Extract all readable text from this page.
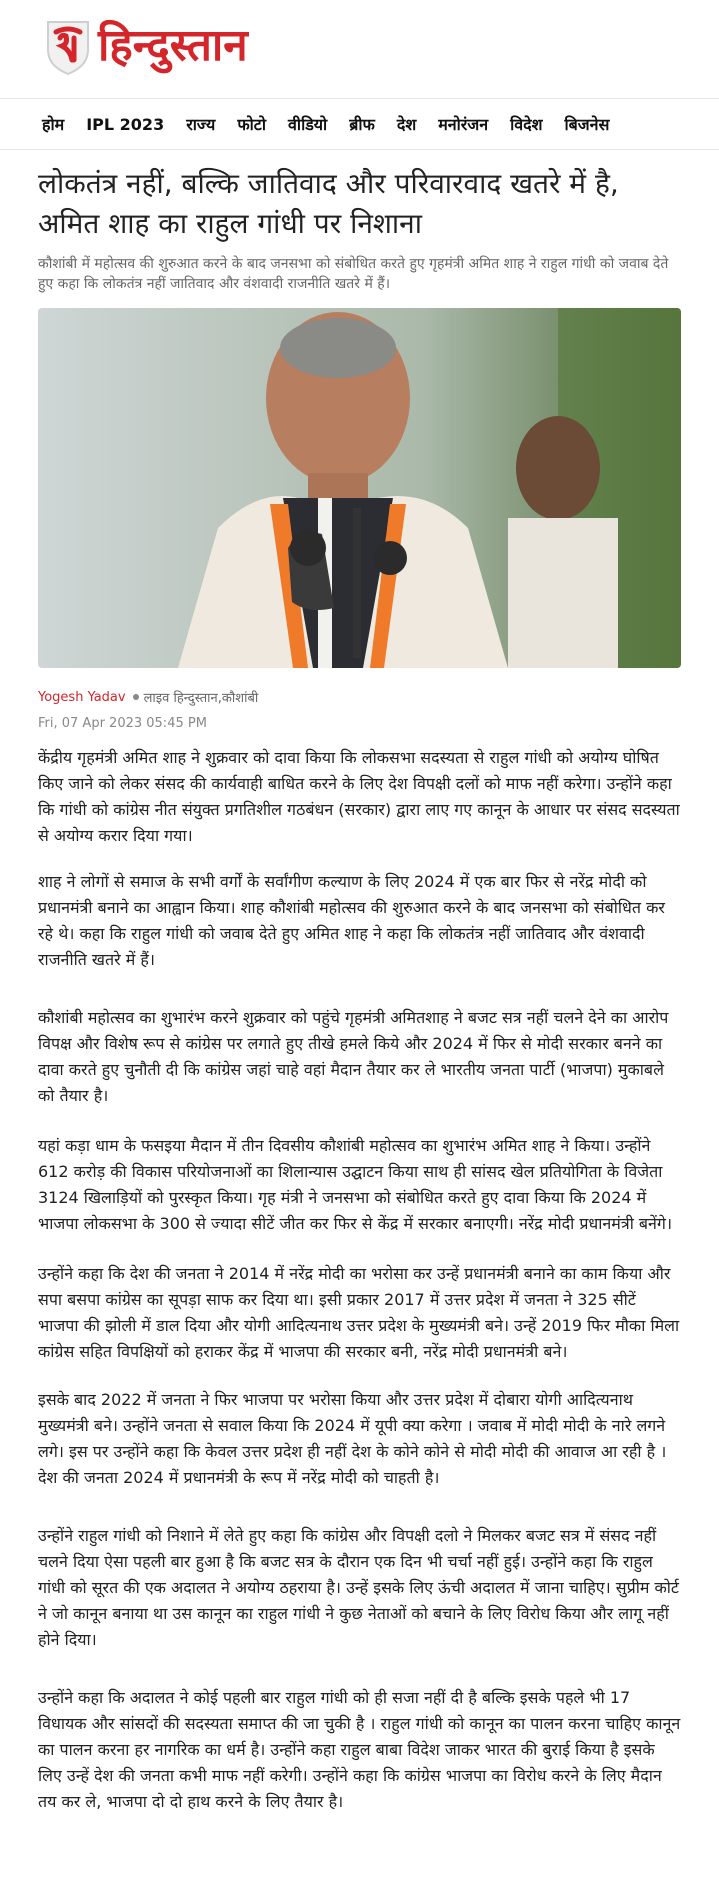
हिन्दुस्तान
होम IPL 2023 राज्य फोटो वीडियो ब्रीफ देश मनोरंजन विदेश बिजनेस
लोकतंत्र नहीं, बल्कि जातिवाद और परिवारवाद खतरे में है,
अमित शाह का राहुल गांधी पर निशाना

कौशांबी में महोत्सव की शुरुआत करने के बाद जनसभा को संबोधित करते हुए गृहमंत्री अमित शाह ने राहुल गांधी को जवाब देते हुए कहा कि लोकतंत्र नहीं जातिवाद और वंशवादी राजनीति खतरे में हैं।

Yogesh Yadav लाइव हिन्दुस्तान,कौशांबी
Fri, 07 Apr 2023 05:45 PM

केंद्रीय गृहमंत्री अमित शाह ने शुक्रवार को दावा किया कि लोकसभा सदस्यता से राहुल गांधी को अयोग्य घोषित किए जाने को लेकर संसद की कार्यवाही बाधित करने के लिए देश विपक्षी दलों को माफ नहीं करेगा। उन्होंने कहा कि गांधी को कांग्रेस नीत संयुक्त प्रगतिशील गठबंधन (सरकार) द्वारा लाए गए कानून के आधार पर संसद सदस्यता से अयोग्य करार दिया गया।

शाह ने लोगों से समाज के सभी वर्गों के सर्वांगीण कल्याण के लिए 2024 में एक बार फिर से नरेंद्र मोदी को प्रधानमंत्री बनाने का आह्वान किया। शाह कौशांबी महोत्सव की शुरुआत करने के बाद जनसभा को संबोधित कर रहे थे। कहा कि राहुल गांधी को जवाब देते हुए अमित शाह ने कहा कि लोकतंत्र नहीं जातिवाद और वंशवादी राजनीति खतरे में हैं।

कौशांबी महोत्सव का शुभारंभ करने शुक्रवार को पहुंचे गृहमंत्री अमितशाह ने बजट सत्र नहीं चलने देने का आरोप विपक्ष और विशेष रूप से कांग्रेस पर लगाते हुए तीखे हमले किये और 2024 में फिर से मोदी सरकार बनने का दावा करते हुए चुनौती दी कि कांग्रेस जहां चाहे वहां मैदान तैयार कर ले भारतीय जनता पार्टी (भाजपा) मुकाबले को तैयार है।

यहां कड़ा धाम के फसइया मैदान में तीन दिवसीय कौशांबी महोत्सव का शुभारंभ अमित शाह ने किया। उन्होंने 612 करोड़ की विकास परियोजनाओं का शिलान्यास उद्घाटन किया साथ ही सांसद खेल प्रतियोगिता के विजेता 3124 खिलाड़ियों को पुरस्कृत किया। गृह मंत्री ने जनसभा को संबोधित करते हुए दावा किया कि 2024 में भाजपा लोकसभा के 300 से ज्यादा सीटें जीत कर फिर से केंद्र में सरकार बनाएगी। नरेंद्र मोदी प्रधानमंत्री बनेंगे।

उन्होंने कहा कि देश की जनता ने 2014 में नरेंद्र मोदी का भरोसा कर उन्हें प्रधानमंत्री बनाने का काम किया और सपा बसपा कांग्रेस का सूपड़ा साफ कर दिया था। इसी प्रकार 2017 में उत्तर प्रदेश में जनता ने 325 सीटें भाजपा की झोली में डाल दिया और योगी आदित्यनाथ उत्तर प्रदेश के मुख्यमंत्री बने। उन्हें 2019 फिर मौका मिला कांग्रेस सहित विपक्षियों को हराकर केंद्र में भाजपा की सरकार बनी, नरेंद्र मोदी प्रधानमंत्री बने।

इसके बाद 2022 में जनता ने फिर भाजपा पर भरोसा किया और उत्तर प्रदेश में दोबारा योगी आदित्यनाथ मुख्यमंत्री बने। उन्होंने जनता से सवाल किया कि 2024 में यूपी क्या करेगा । जवाब में मोदी मोदी के नारे लगने लगे। इस पर उन्होंने कहा कि केवल उत्तर प्रदेश ही नहीं देश के कोने कोने से मोदी मोदी की आवाज आ रही है ।देश की जनता 2024 में प्रधानमंत्री के रूप में नरेंद्र मोदी को चाहती है।

उन्होंने राहुल गांधी को निशाने में लेते हुए कहा कि कांग्रेस और विपक्षी दलो ने मिलकर बजट सत्र में संसद नहीं चलने दिया ऐसा पहली बार हुआ है कि बजट सत्र के दौरान एक दिन भी चर्चा नहीं हुई। उन्होंने कहा कि राहुल गांधी को सूरत की एक अदालत ने अयोग्य ठहराया है। उन्हें इसके लिए ऊंची अदालत में जाना चाहिए। सुप्रीम कोर्ट ने जो कानून बनाया था उस कानून का राहुल गांधी ने कुछ नेताओं को बचाने के लिए विरोध किया और लागू नहीं होने दिया।

उन्होंने कहा कि अदालत ने कोई पहली बार राहुल गांधी को ही सजा नहीं दी है बल्कि इसके पहले भी 17 विधायक और सांसदों की सदस्यता समाप्त की जा चुकी है । राहुल गांधी को कानून का पालन करना चाहिए कानून का पालन करना हर नागरिक का धर्म है। उन्होंने कहा राहुल बाबा विदेश जाकर भारत की बुराई किया है इसके लिए उन्हें देश की जनता कभी माफ नहीं करेगी। उन्होंने कहा कि कांग्रेस भाजपा का विरोध करने के लिए मैदान तय कर ले, भाजपा दो दो हाथ करने के लिए तैयार है।
